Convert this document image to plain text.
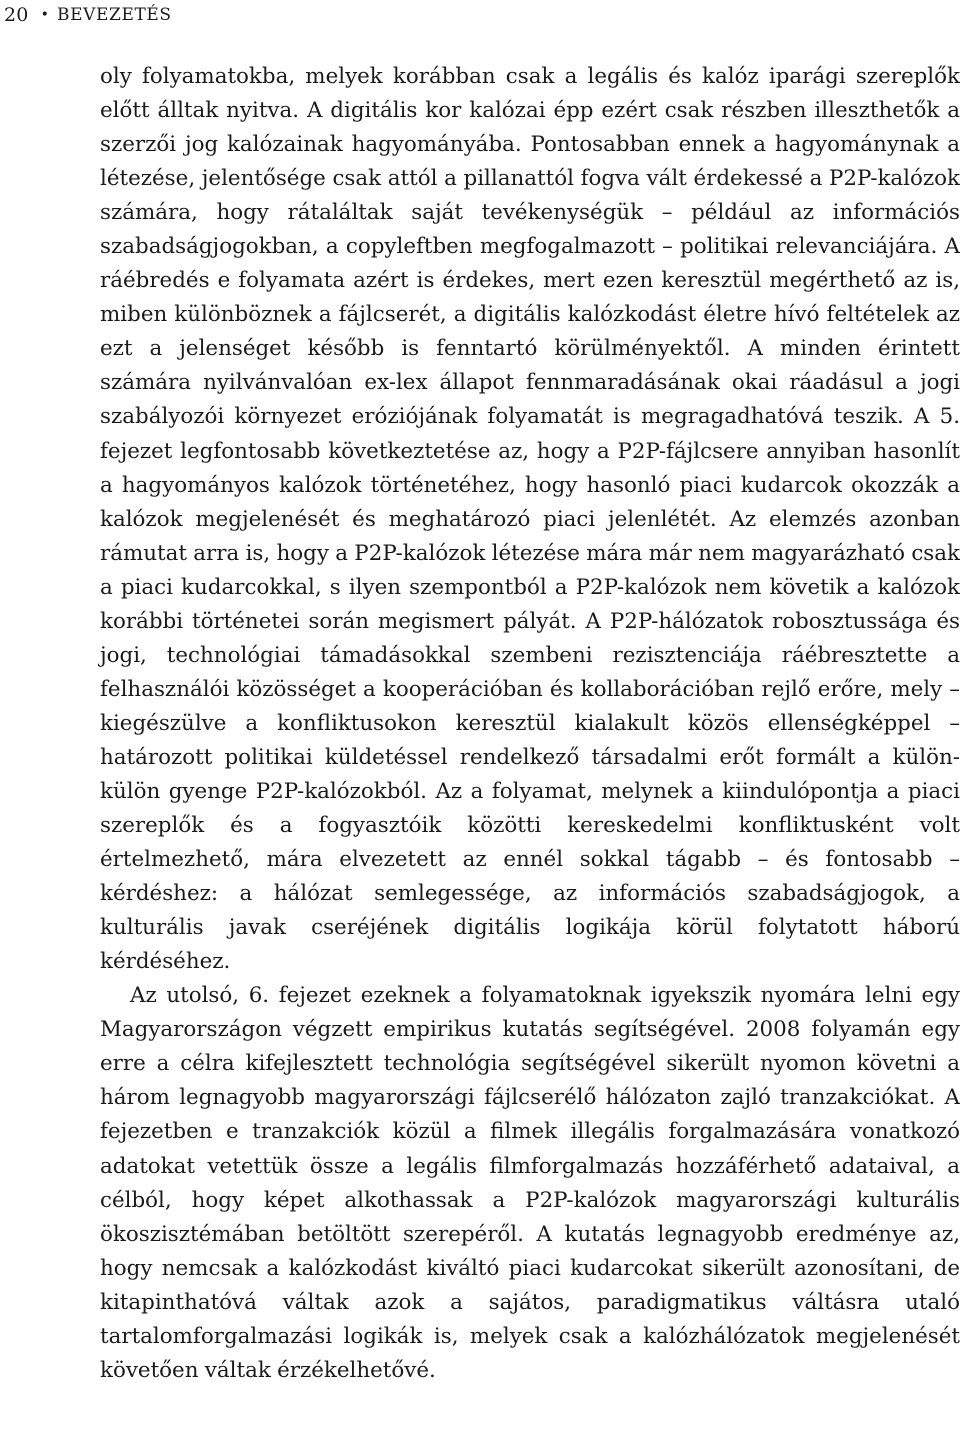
20 • BEVEZETÉS

oly folyamatokba, melyek korábban csak a legális és kalóz iparági szereplők előtt álltak nyitva. A digitális kor kalózai épp ezért csak részben illeszthetők a szerzői jog kalózainak hagyományába. Pontosabban ennek a hagyománynak a létezése, jelentősége csak attól a pillanattól fogva vált érdekessé a P2P-kalózok számára, hogy rátaláltak saját tevékenységük – például az információs szabadságjogokban, a copyleftben megfogalmazott – politikai relevanciájára. A ráébredés e folyamata azért is érdekes, mert ezen keresztül megérthető az is, miben különböznek a fájlcserét, a digitális kalózkodást életre hívó feltételek az ezt a jelenséget később is fenntartó körülményektől. A minden érintett számára nyilvánvalóan ex-lex állapot fennmaradásának okai ráadásul a jogi szabályozói környezet eróziójának folyamatát is megragadhatóvá teszik. A 5. fejezet legfontosabb következtetése az, hogy a P2P-fájlcsere annyiban hasonlít a hagyományos kalózok történetéhez, hogy hasonló piaci kudarcok okozzák a kalózok megjelenését és meghatározó piaci jelenlétét. Az elemzés azonban rámutat arra is, hogy a P2P-kalózok létezése mára már nem magyarázható csak a piaci kudarcokkal, s ilyen szempontból a P2P-kalózok nem követik a kalózok korábbi történetei során megismert pályát. A P2P-hálózatok robosztussága és jogi, technológiai támadásokkal szembeni rezisztenciája ráébresztette a felhasználói közösséget a kooperációban és kollaborációban rejlő erőre, mely – kiegészülve a konfliktusokon keresztül kialakult közös ellenségképpel – határozott politikai küldetéssel rendelkező társadalmi erőt formált a külön-külön gyenge P2P-kalózokból. Az a folyamat, melynek a kiindulópontja a piaci szereplők és a fogyasztóik közötti kereskedelmi konfliktusként volt értelmezhető, mára elvezetett az ennél sokkal tágabb – és fontosabb – kérdéshez: a hálózat semlegessége, az információs szabadságjogok, a kulturális javak cseréjének digitális logikája körül folytatott háború kérdéséhez.

Az utolsó, 6. fejezet ezeknek a folyamatoknak igyekszik nyomára lelni egy Magyarországon végzett empirikus kutatás segítségével. 2008 folyamán egy erre a célra kifejlesztett technológia segítségével sikerült nyomon követni a három legnagyobb magyarországi fájlcserélő hálózaton zajló tranzakciókat. A fejezetben e tranzakciók közül a filmek illegális forgalmazására vonatkozó adatokat vetettük össze a legális filmforgalmazás hozzáférhető adataival, a célból, hogy képet alkothassak a P2P-kalózok magyarországi kulturális ökoszisztémában betöltött szerepéről. A kutatás legnagyobb eredménye az, hogy nemcsak a kalózkodást kiváltó piaci kudarcokat sikerült azonosítani, de kitapinthatóvá váltak azok a sajátos, paradigmatikus váltásra utaló tartalomforgalmazási logikák is, melyek csak a kalózhálózatok megjelenését követően váltak érzékelhetővé.
